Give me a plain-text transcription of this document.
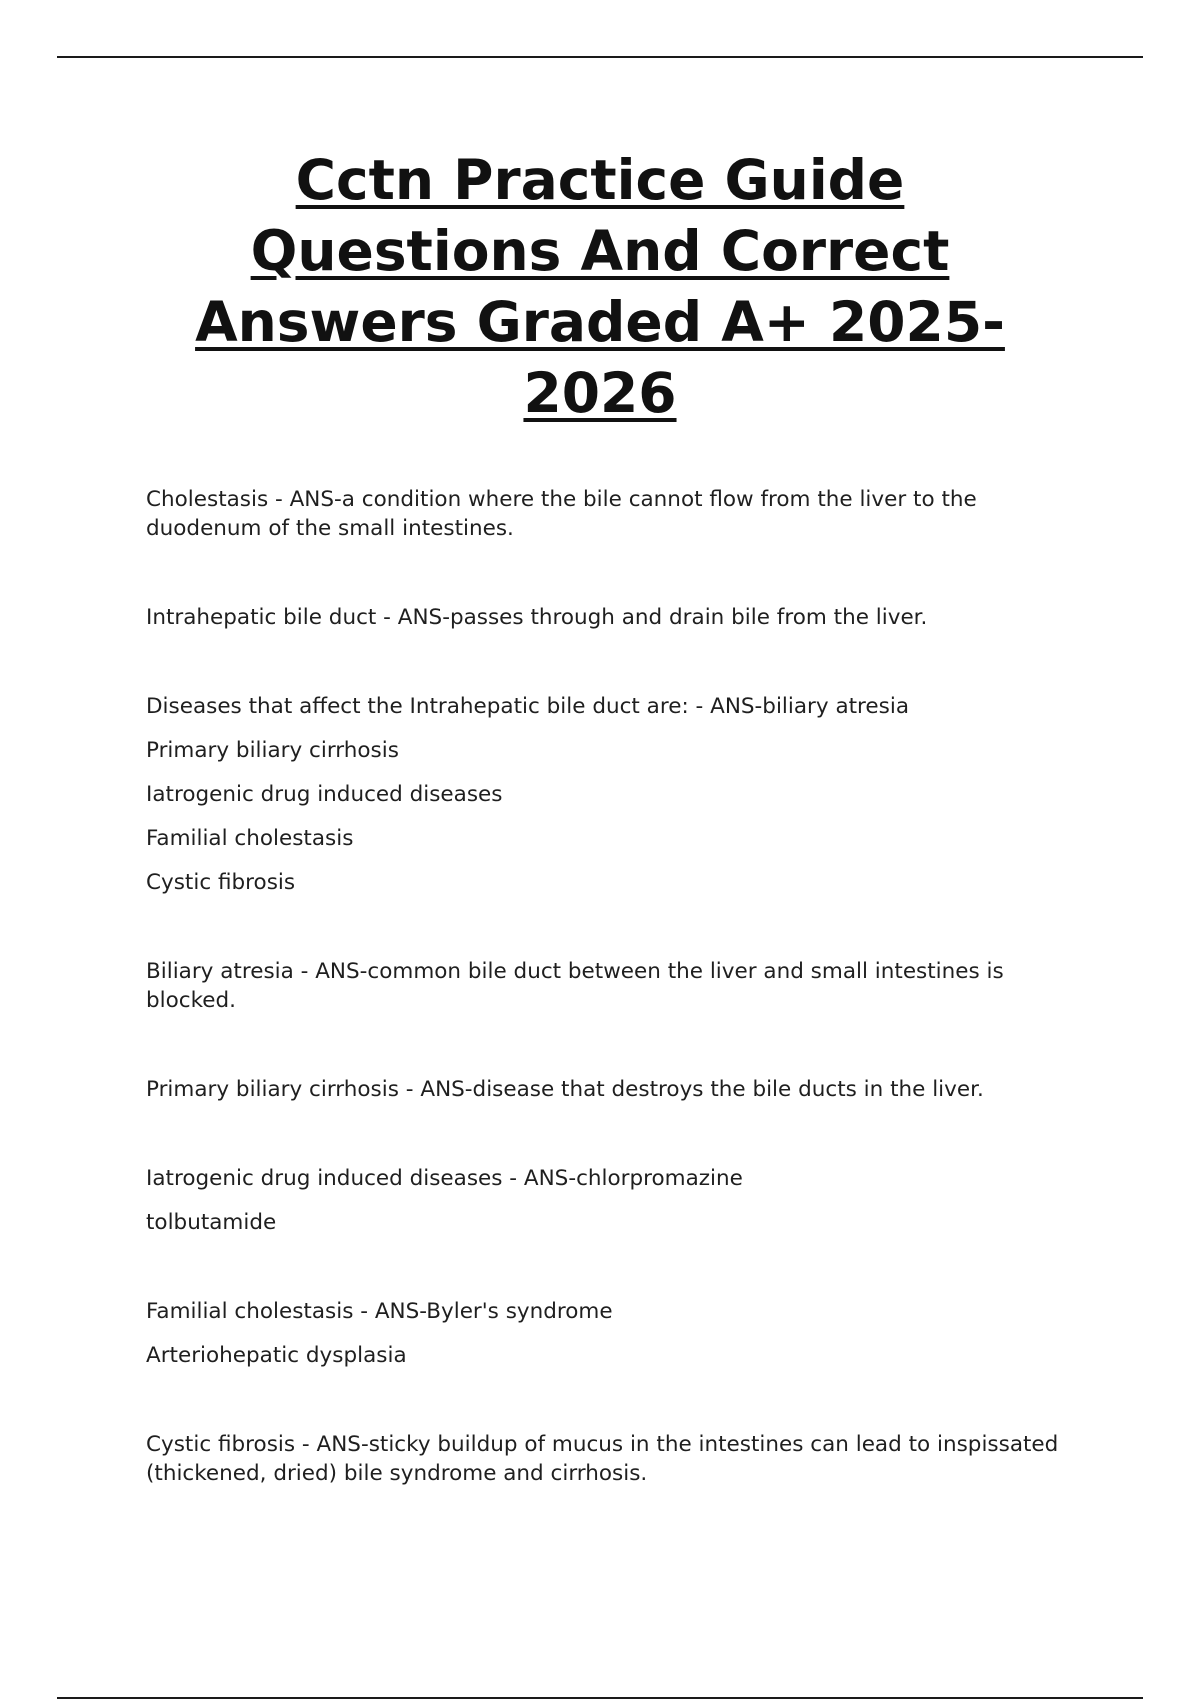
Cctn Practice Guide Questions And Correct Answers Graded A+ 2025-2026

Cholestasis - ANS-a condition where the bile cannot flow from the liver to the duodenum of the small intestines.

Intrahepatic bile duct - ANS-passes through and drain bile from the liver.

Diseases that affect the Intrahepatic bile duct are: - ANS-biliary atresia

Primary biliary cirrhosis

Iatrogenic drug induced diseases

Familial cholestasis

Cystic fibrosis

Biliary atresia - ANS-common bile duct between the liver and small intestines is blocked.

Primary biliary cirrhosis - ANS-disease that destroys the bile ducts in the liver.

Iatrogenic drug induced diseases - ANS-chlorpromazine

tolbutamide

Familial cholestasis - ANS-Byler's syndrome

Arteriohepatic dysplasia

Cystic fibrosis - ANS-sticky buildup of mucus in the intestines can lead to inspissated (thickened, dried) bile syndrome and cirrhosis.
